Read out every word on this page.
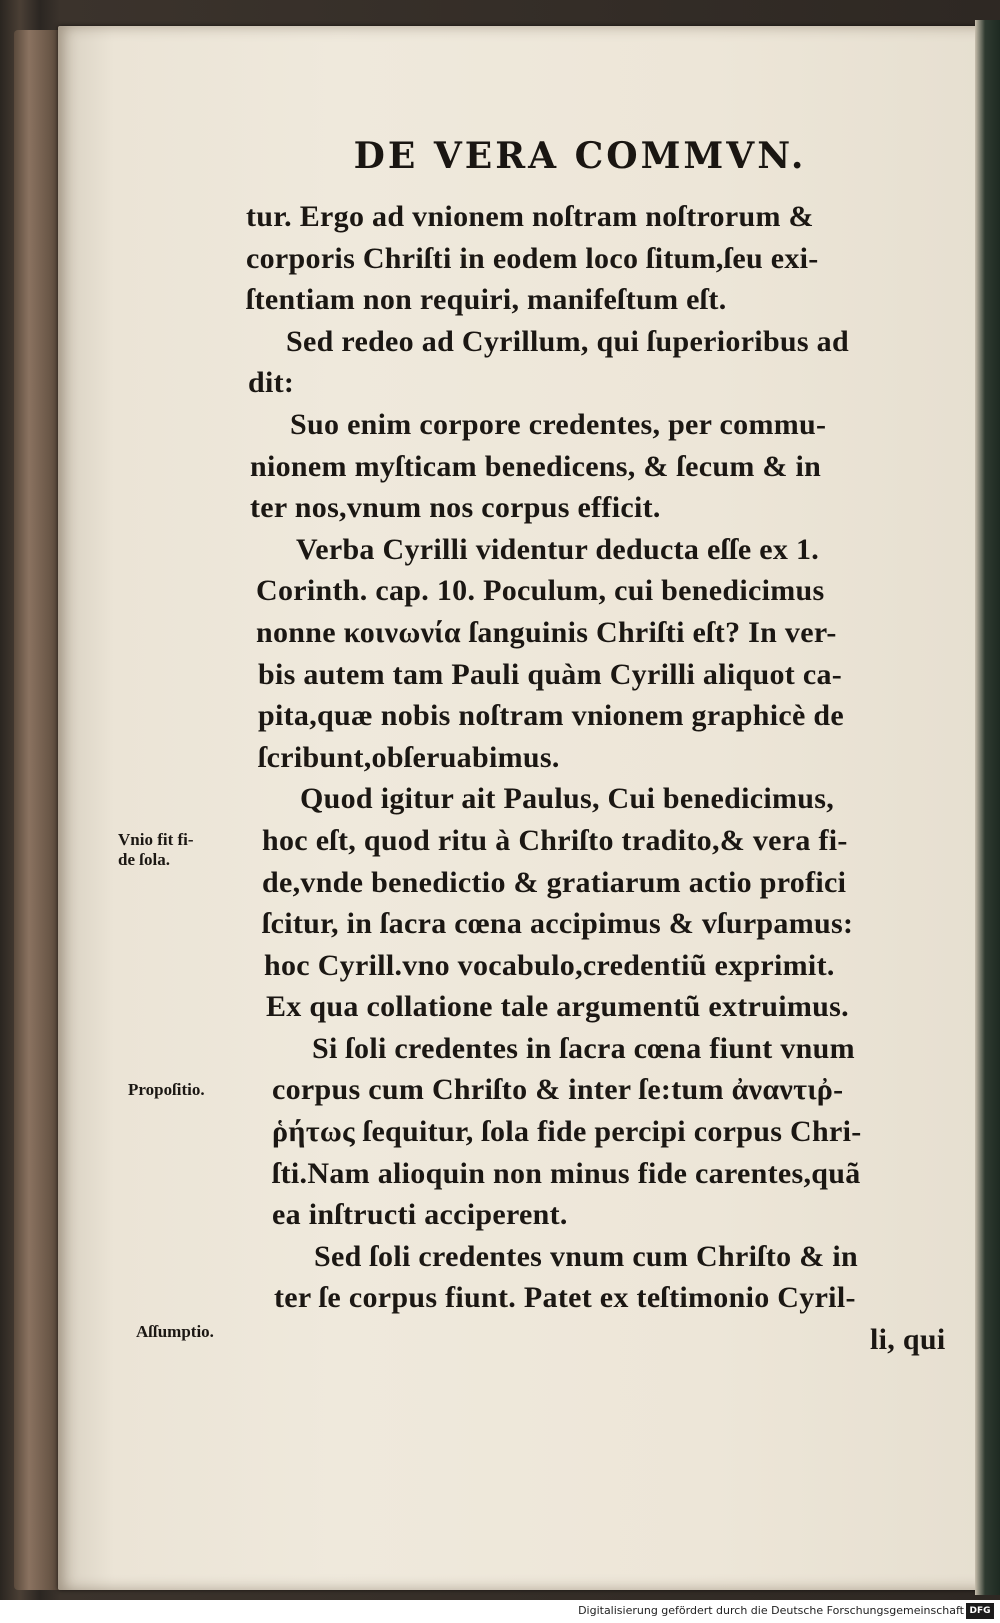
DE VERA COMMVN.
tur. Ergo ad vnionem noſtram noſtrorum &
corporis Chriſti in eodem loco ſitum,ſeu exi-
ſtentiam non requiri, manifeſtum eſt.
Sed redeo ad Cyrillum, qui ſuperioribus ad
dit:
Suo enim corpore credentes, per commu-
nionem myſticam benedicens, & ſecum & in
ter nos,vnum nos corpus efficit.
Verba Cyrilli videntur deducta eſſe ex 1.
Corinth. cap. 10. Poculum, cui benedicimus
nonne κοινωνία ſanguinis Chriſti eſt? In ver-
bis autem tam Pauli quàm Cyrilli aliquot ca-
pita,quæ nobis noſtram vnionem graphicè de
ſcribunt,obſeruabimus.
Quod igitur ait Paulus, Cui benedicimus,
hoc eſt, quod ritu à Chriſto tradito,& vera fi-
de,vnde benedictio & gratiarum actio profici
ſcitur, in ſacra cœna accipimus & vſurpamus:
hoc Cyrill.vno vocabulo,credentiũ exprimit.
Ex qua collatione tale argumentũ extruimus.
Si ſoli credentes in ſacra cœna fiunt vnum
corpus cum Chriſto & inter ſe:tum ἀναντιῤ-
ῥήτως ſequitur, ſola fide percipi corpus Chri-
ſti.Nam alioquin non minus fide carentes,quã
ea inſtructi acciperent.
Sed ſoli credentes vnum cum Chriſto & in
ter ſe corpus fiunt. Patet ex teſtimonio Cyril-
li, qui
Vnio fit fi-
de ſola.
Propoſitio.
Aſſumptio.
Digitalisierung gefördert durch die Deutsche Forschungsgemeinschaft DFG
